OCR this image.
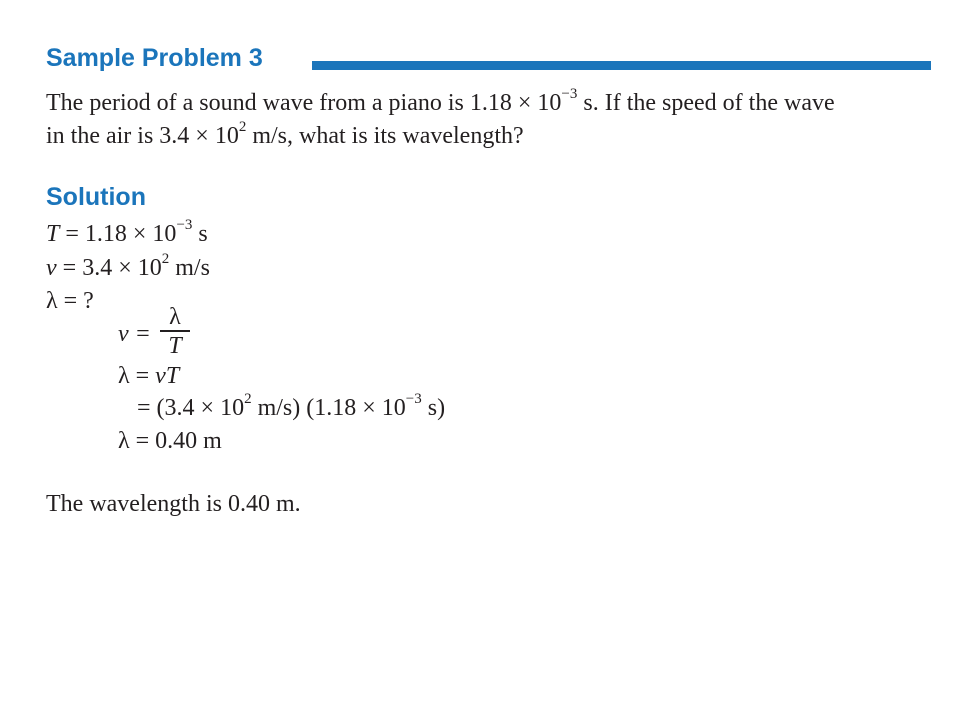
Sample Problem 3
The period of a sound wave from a piano is $1.18 \times 10^{-3}$ s. If the speed of the wave
in the air is $3.4 \times 10^2$ m/s, what is its wavelength?
Solution
$T = 1.18 \times 10^{-3}$ s
$v = 3.4 \times 10^2$ m/s
λ = ?
v =
λ
T
λ = vT
= ($3.4 \times 10^2$ m/s) ($1.18 \times 10^{-3}$ s)
λ = 0.40 m
The wavelength is 0.40 m.
